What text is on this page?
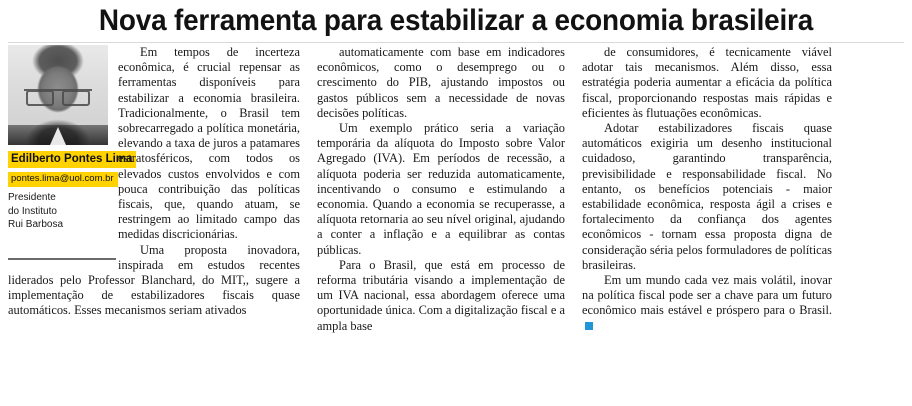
Nova ferramenta para estabilizar a economia brasileira
Edilberto Pontes Lima
pontes.lima@uol.com.br
Presidente
do Instituto
Rui Barbosa

Em tempos de incerteza econômica, é crucial repensar as ferramentas disponíveis para estabilizar a economia brasileira. Tradicionalmente, o Brasil tem sobrecarregado a política monetária, elevando a taxa de juros a patamares estratosféricos, com todos os elevados custos envolvidos e com pouca contribuição das políticas fiscais, que, quando atuam, se restringem ao limitado campo das medidas discricionárias.

Uma proposta inovadora, inspirada em estudos recentes liderados pelo Professor Blanchard, do MIT,, sugere a implementação de estabilizadores fiscais quase automáticos. Esses mecanismos seriam ativados

automaticamente com base em indicadores econômicos, como o desemprego ou o crescimento do PIB, ajustando impostos ou gastos públicos sem a necessidade de novas decisões políticas.

Um exemplo prático seria a variação temporária da alíquota do Imposto sobre Valor Agregado (IVA). Em períodos de recessão, a alíquota poderia ser reduzida automaticamente, incentivando o consumo e estimulando a economia. Quando a economia se recuperasse, a alíquota retornaria ao seu nível original, ajudando a conter a inflação e a equilibrar as contas públicas.

Para o Brasil, que está em processo de reforma tributária visando a implementação de um IVA nacional, essa abordagem oferece uma oportunidade única. Com a digitalização fiscal e a ampla base

de consumidores, é tecnicamente viável adotar tais mecanismos. Além disso, essa estratégia poderia aumentar a eficácia da política fiscal, proporcionando respostas mais rápidas e eficientes às flutuações econômicas.

Adotar estabilizadores fiscais quase automáticos exigiria um desenho institucional cuidadoso, garantindo transparência, previsibilidade e responsabilidade fiscal. No entanto, os benefícios potenciais - maior estabilidade econômica, resposta ágil a crises e fortalecimento da confiança dos agentes econômicos - tornam essa proposta digna de consideração séria pelos formuladores de políticas brasileiras.

Em um mundo cada vez mais volátil, inovar na política fiscal pode ser a chave para um futuro econômico mais estável e próspero para o Brasil.
